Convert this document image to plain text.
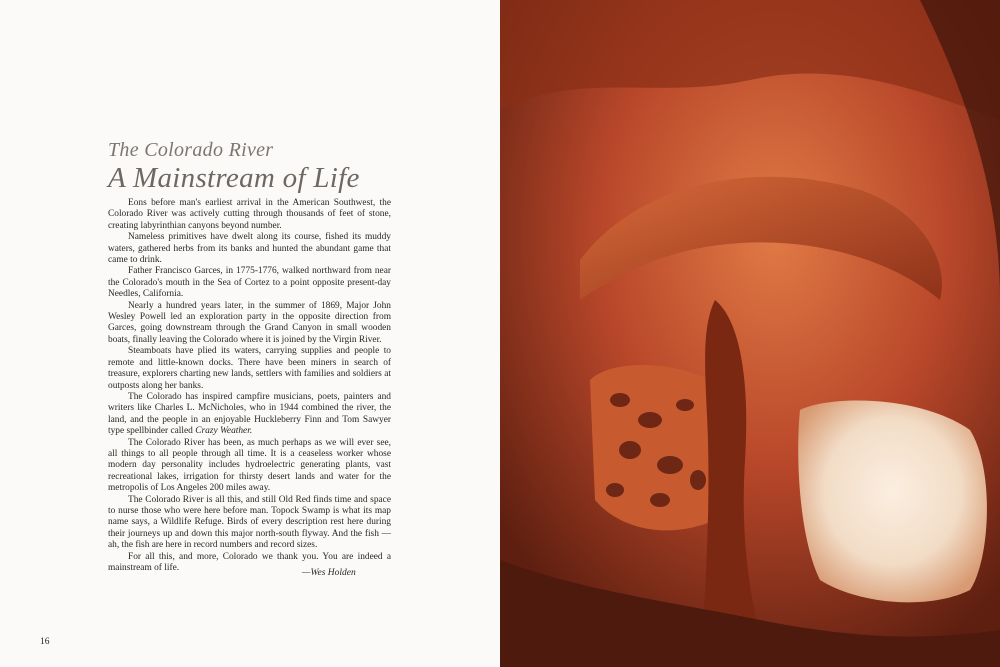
The Colorado River
A Mainstream of Life

Eons before man's earliest arrival in the American Southwest, the Colorado River was actively cutting through thousands of feet of stone, creating labyrinthian canyons beyond number.

Nameless primitives have dwelt along its course, fished its muddy waters, gathered herbs from its banks and hunted the abundant game that came to drink.

Father Francisco Garces, in 1775-1776, walked northward from near the Colorado's mouth in the Sea of Cortez to a point opposite present-day Needles, California.

Nearly a hundred years later, in the summer of 1869, Major John Wesley Powell led an exploration party in the opposite direction from Garces, going downstream through the Grand Canyon in small wooden boats, finally leaving the Colorado where it is joined by the Virgin River.

Steamboats have plied its waters, carrying supplies and people to remote and little-known docks. There have been miners in search of treasure, explorers charting new lands, settlers with families and soldiers at outposts along her banks.

The Colorado has inspired campfire musicians, poets, painters and writers like Charles L. McNicholes, who in 1944 combined the river, the land, and the people in an enjoyable Huckleberry Finn and Tom Sawyer type spellbinder called Crazy Weather.

The Colorado River has been, as much perhaps as we will ever see, all things to all people through all time. It is a ceaseless worker whose modern day personality includes hydroelectric generating plants, vast recreational lakes, irrigation for thirsty desert lands and water for the metropolis of Los Angeles 200 miles away.

The Colorado River is all this, and still Old Red finds time and space to nurse those who were here before man. Topock Swamp is what its map name says, a Wildlife Refuge. Birds of every description rest here during their journeys up and down this major north-south flyway. And the fish — ah, the fish are here in record numbers and record sizes.

For all this, and more, Colorado we thank you. You are indeed a mainstream of life.	—Wes Holden
16
